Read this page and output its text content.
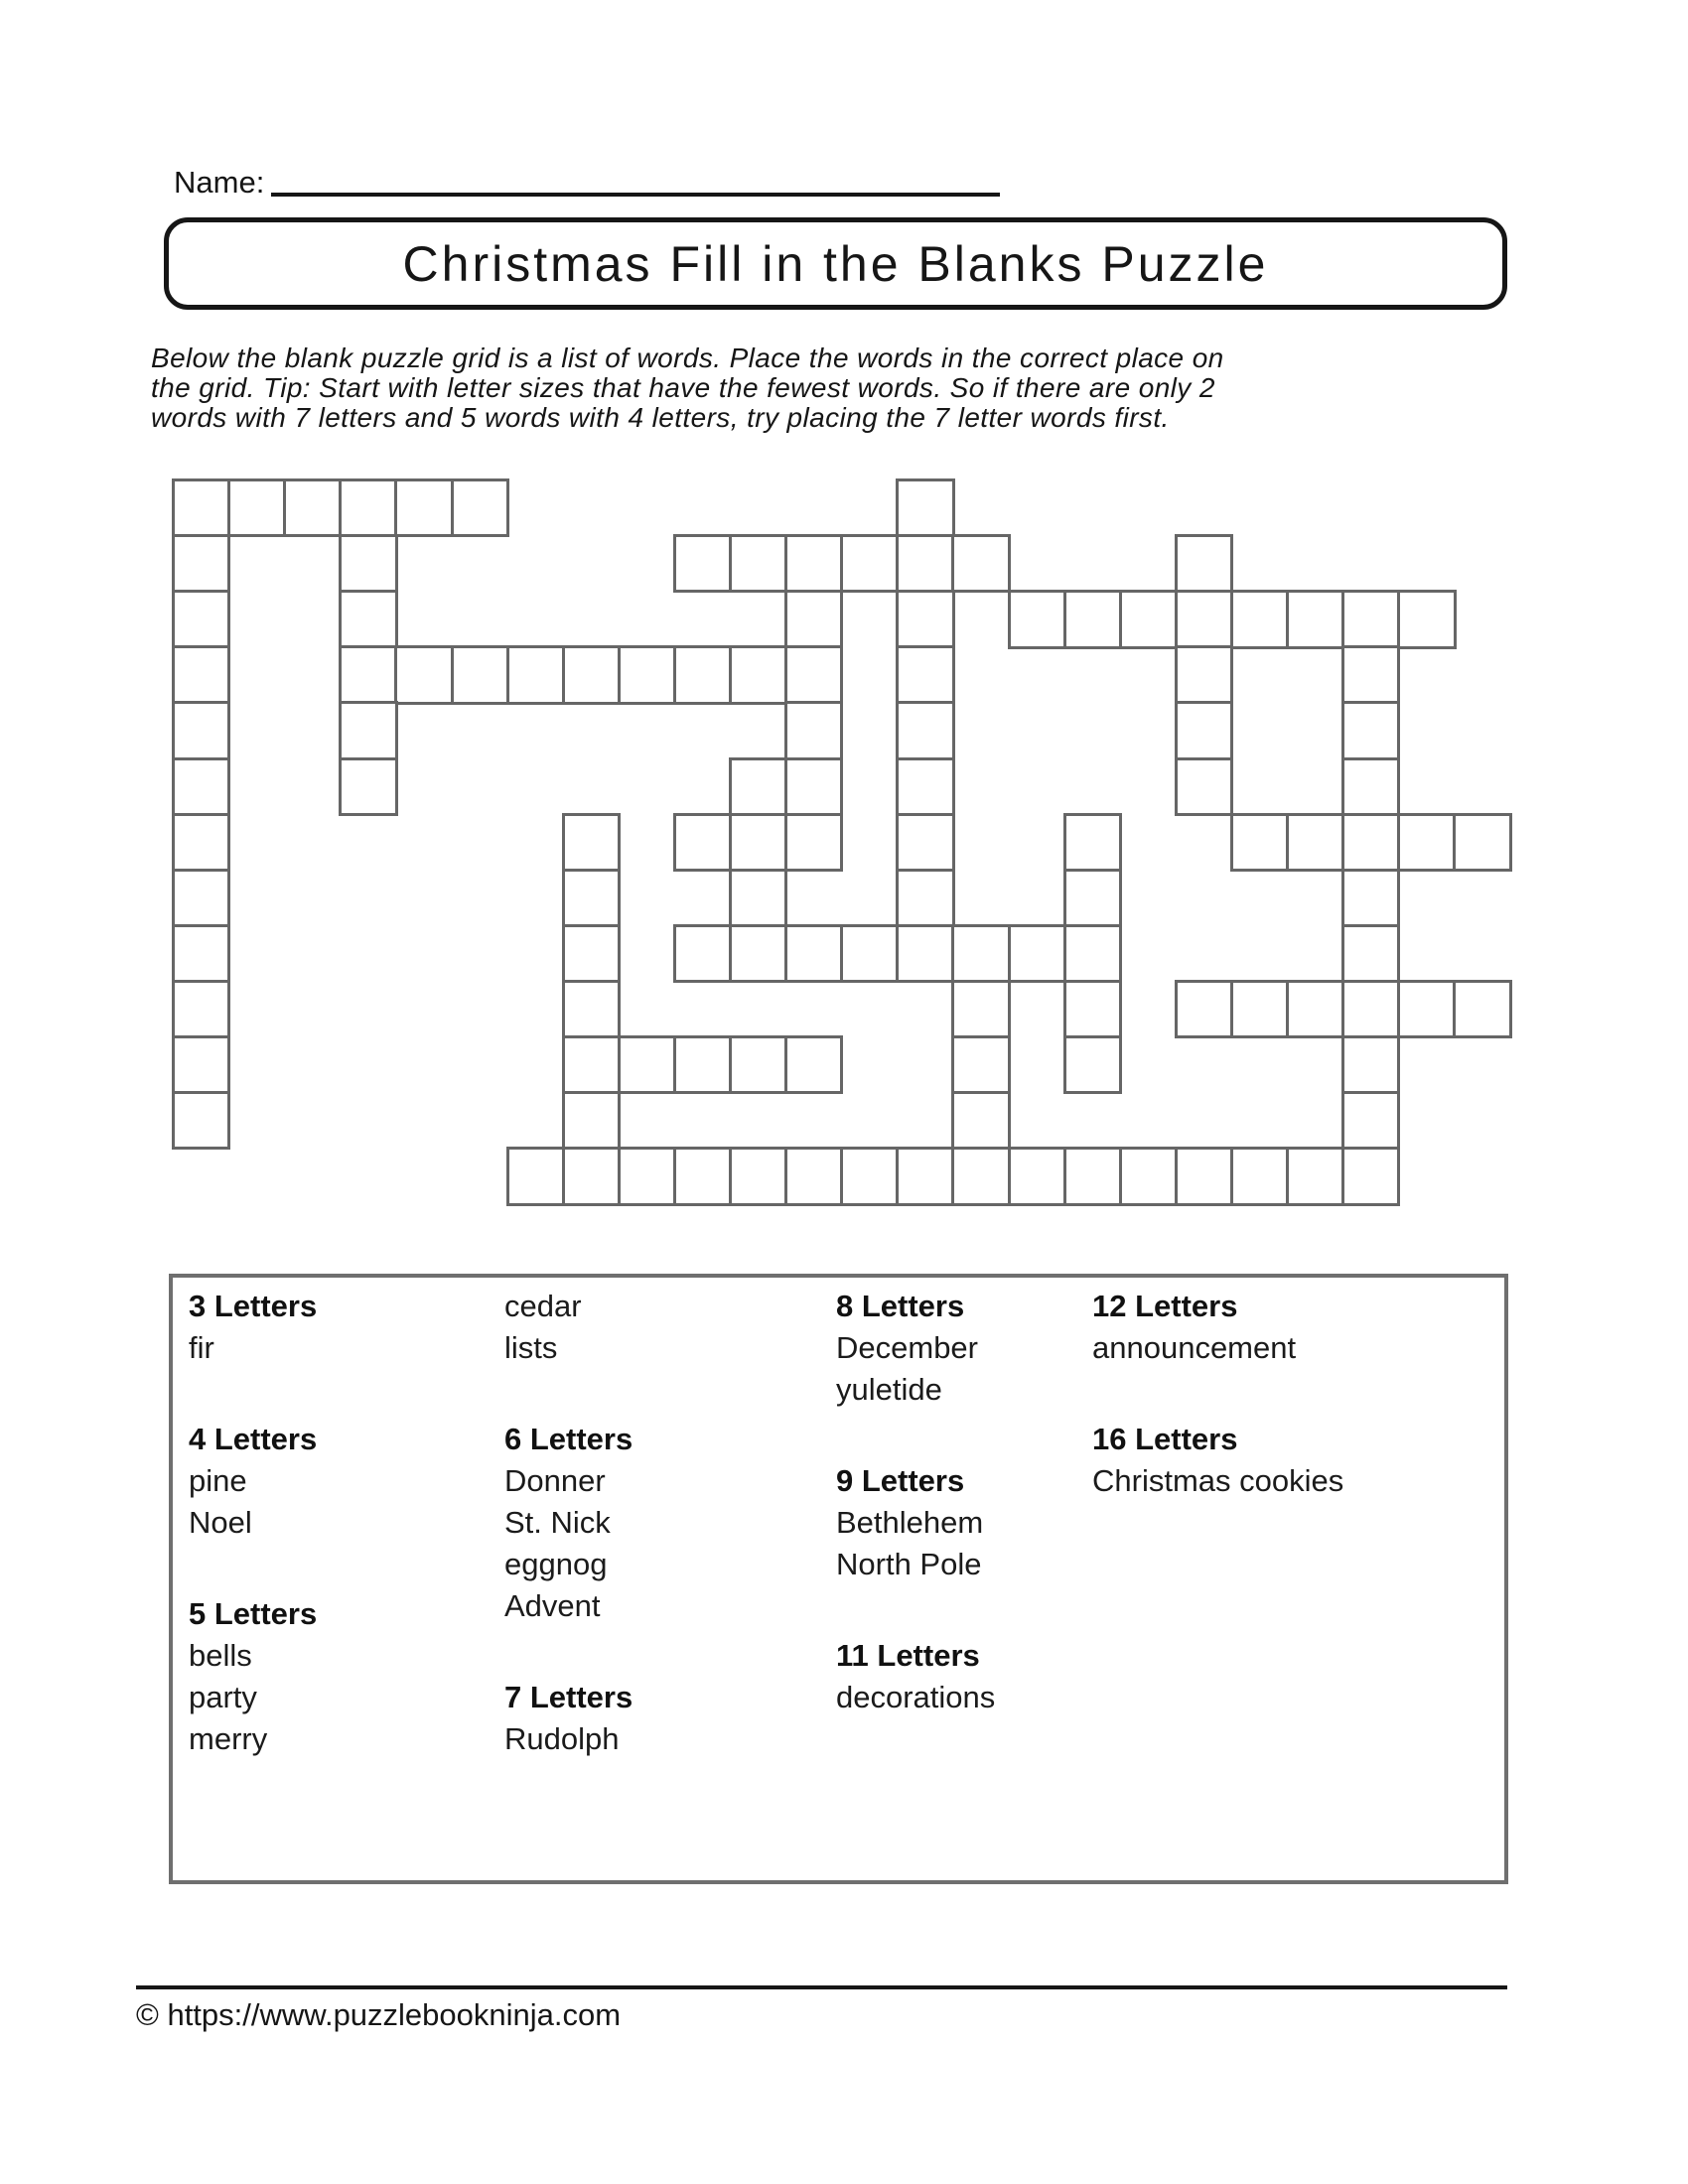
Name:
Christmas Fill in the Blanks Puzzle
Below the blank puzzle grid is a list of words. Place the words in the correct place on
the grid. Tip: Start with letter sizes that have the fewest words. So if there are only 2
words with 7 letters and 5 words with 4 letters, try placing the 7 letter words first.
3 Letters
fir
4 Letters
pine
Noel
5 Letters
bells
party
merry
cedar
lists
6 Letters
Donner
St. Nick
eggnog
Advent
7 Letters
Rudolph
8 Letters
December
yuletide
9 Letters
Bethlehem
North Pole
11 Letters
decorations
12 Letters
announcement
16 Letters
Christmas cookies
© https://www.puzzlebookninja.com
